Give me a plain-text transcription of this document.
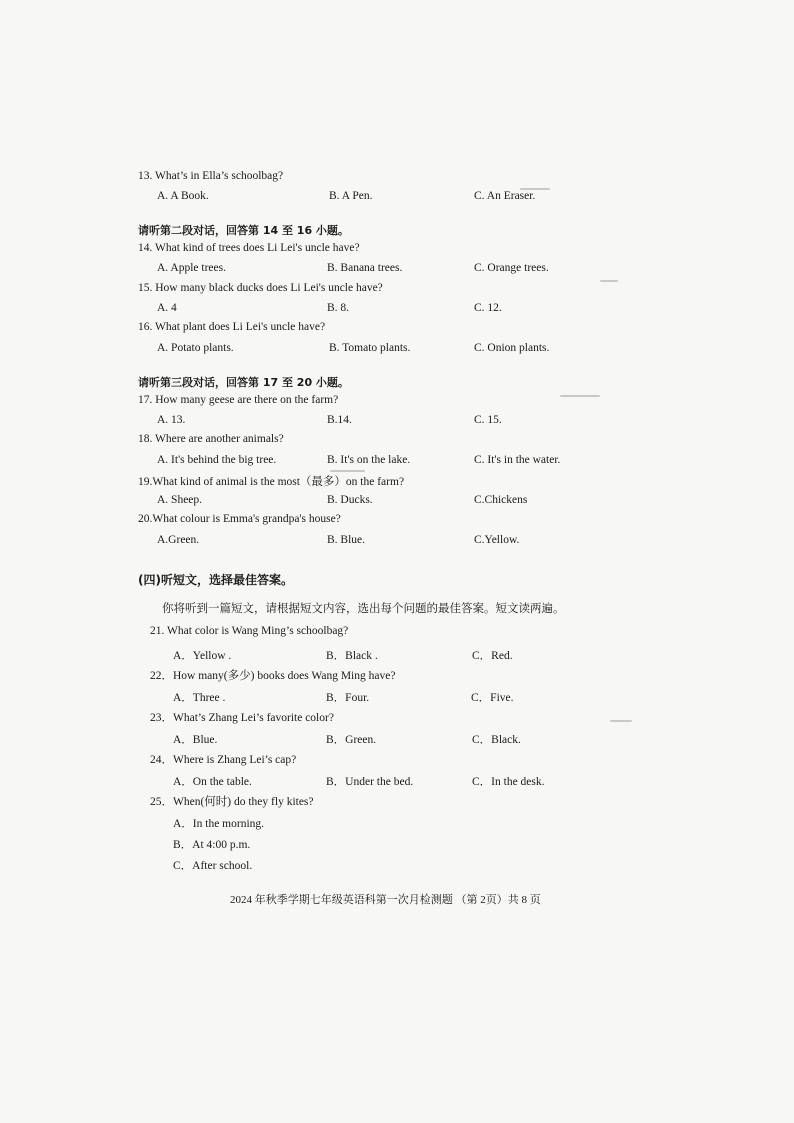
13. What’s in Ella’s schoolbag?
A. A Book.	B. A Pen.	C. An Eraser.
请听第二段对话，回答第 14 至 16 小题。
14. What kind of trees does Li Lei's uncle have?
A. Apple trees.	B. Banana trees.	C. Orange trees.
15. How many black ducks does Li Lei's uncle have?
A. 4	B. 8.	C. 12.
16. What plant does Li Lei's uncle have?
A. Potato plants.	B. Tomato plants.	C. Onion plants.
请听第三段对话，回答第 17 至 20 小题。
17. How many geese are there on the farm?
A. 13.	B.14.	C. 15.
18. Where are another animals?
A. It's behind the big tree.	B. It's on the lake.	C. It's in the water.
19.What kind of animal is the most（最多）on the farm?
A. Sheep.	B. Ducks.	C.Chickens
20.What colour is Emma's grandpa's house?
A.Green.	B. Blue.	C.Yellow.
(四)听短文，选择最佳答案。
你将听到一篇短文，请根据短文内容，选出每个问题的最佳答案。短文读两遍。
21. What color is Wang Ming’s schoolbag?
A．Yellow .	B．Black .	C．Red.
22．How many(多少) books does Wang Ming have?
A．Three .	B．Four.	C．Five.
23．What’s Zhang Lei’s favorite color?
A．Blue.	B．Green.	C．Black.
24．Where is Zhang Lei’s cap?
A．On the table.	B．Under the bed.	C．In the desk.
25．When(何时) do they fly kites?
A．In the morning.
B．At 4:00 p.m.
C．After school.
2024 年秋季学期七年级英语科第一次月检测题 （第 2页）共 8 页
